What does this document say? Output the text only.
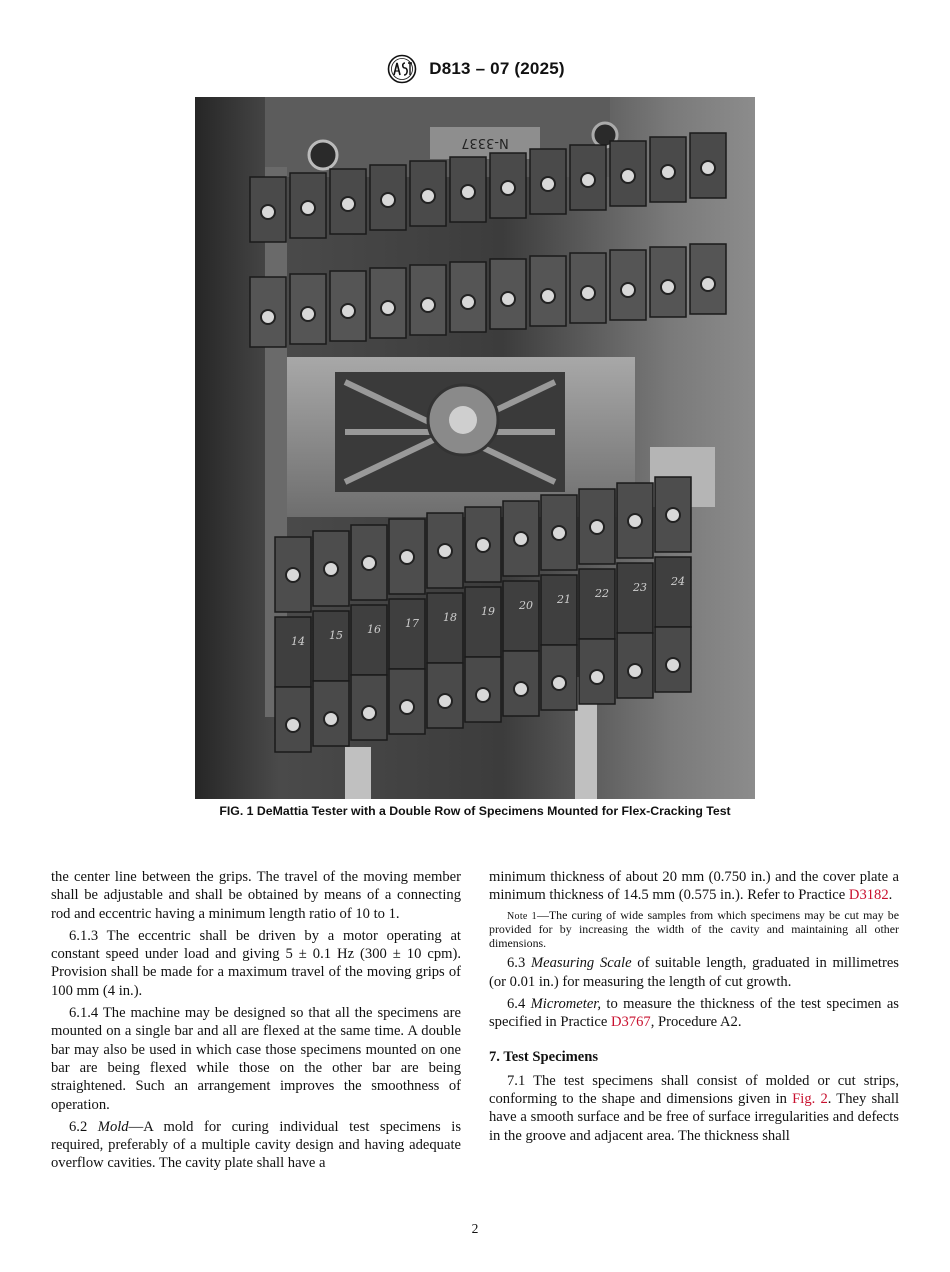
D813 – 07 (2025)
N-3337
14 15 16 17 18 19 20 21 22 23 24
FIG. 1 DeMattia Tester with a Double Row of Specimens Mounted for Flex-Cracking Test

the center line between the grips. The travel of the moving member shall be adjustable and shall be obtained by means of a connecting rod and eccentric having a minimum length ratio of 10 to 1.

6.1.3 The eccentric shall be driven by a motor operating at constant speed under load and giving 5 ± 0.1 Hz (300 ± 10 cpm). Provision shall be made for a maximum travel of the moving grips of 100 mm (4 in.).

6.1.4 The machine may be designed so that all the specimens are mounted on a single bar and all are flexed at the same time. A double bar may also be used in which case those specimens mounted on one bar are being flexed while those on the other bar are being straightened. Such an arrangement improves the smoothness of operation.

6.2 Mold—A mold for curing individual test specimens is required, preferably of a multiple cavity design and having adequate overflow cavities. The cavity plate shall have a

minimum thickness of about 20 mm (0.750 in.) and the cover plate a minimum thickness of 14.5 mm (0.575 in.). Refer to Practice D3182.

Note 1—The curing of wide samples from which specimens may be cut may be provided for by increasing the width of the cavity and maintaining all other dimensions.

6.3 Measuring Scale of suitable length, graduated in millimetres (or 0.01 in.) for measuring the length of cut growth.

6.4 Micrometer, to measure the thickness of the test specimen as specified in Practice D3767, Procedure A2.

7. Test Specimens

7.1 The test specimens shall consist of molded or cut strips, conforming to the shape and dimensions given in Fig. 2. They shall have a smooth surface and be free of surface irregularities and defects in the groove and adjacent area. The thickness shall

2
